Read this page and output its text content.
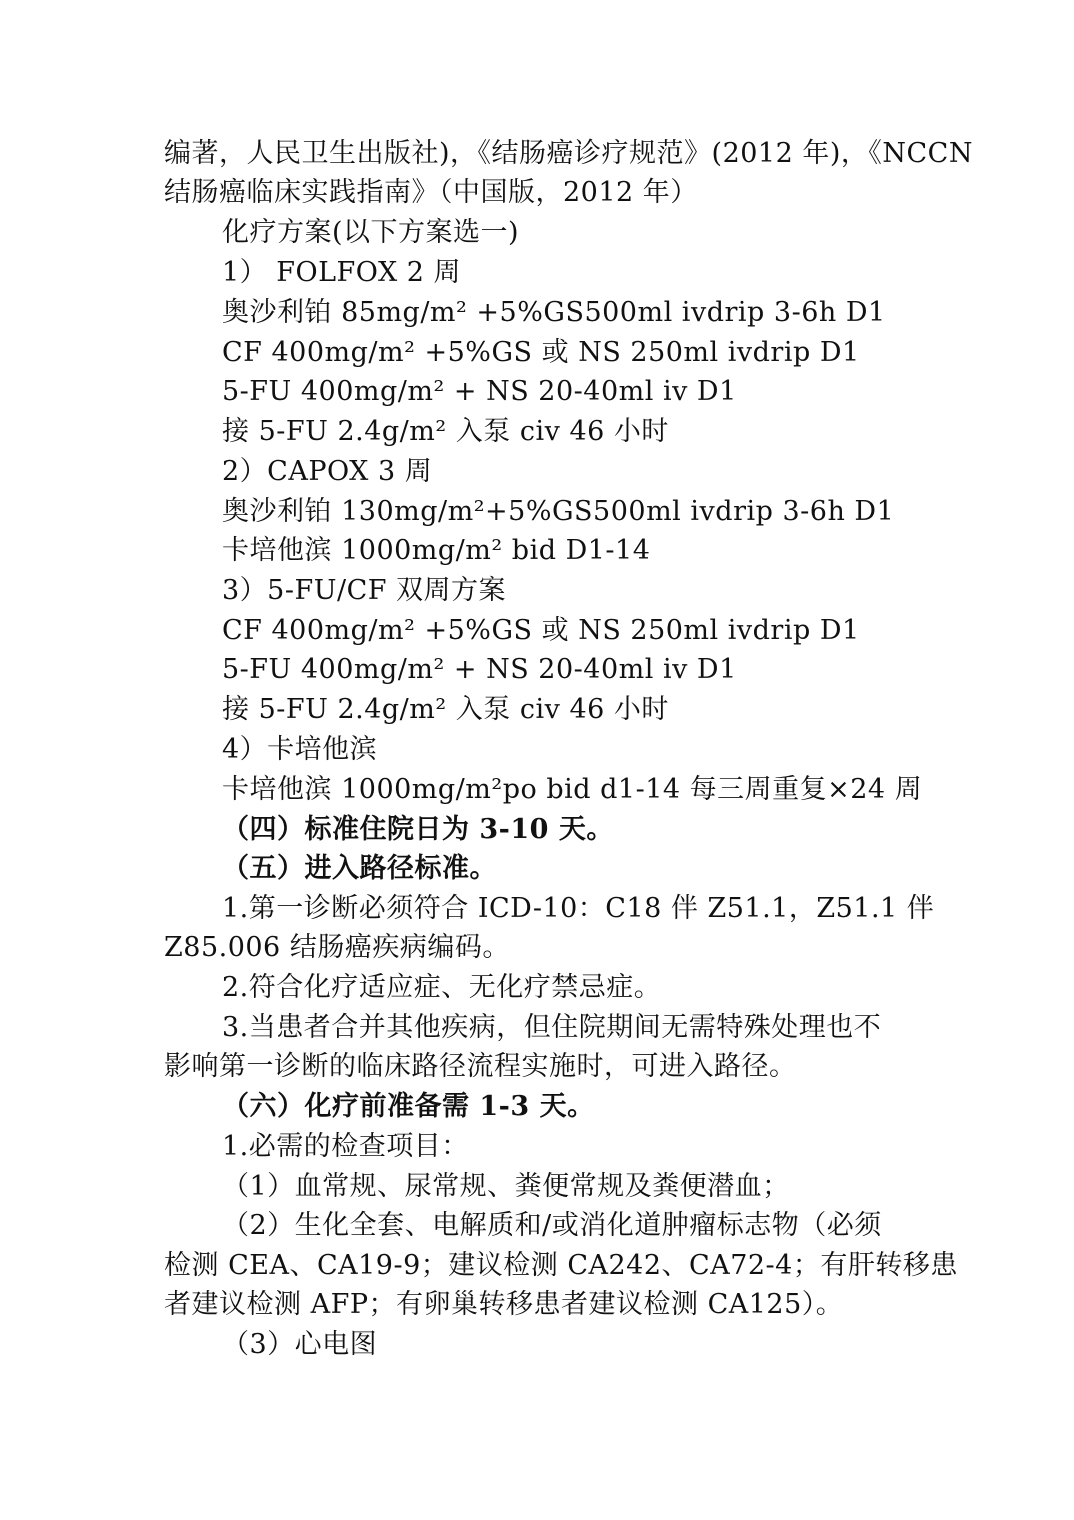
编著，人民卫生出版社)，《结肠癌诊疗规范》(2012 年)，《NCCN
结肠癌临床实践指南》（中国版，2012 年）
化疗方案(以下方案选一)
1） FOLFOX 2 周
奥沙利铂 85mg/m² +5%GS500ml ivdrip 3-6h D1
CF 400mg/m² +5%GS 或 NS 250ml ivdrip D1
5-FU 400mg/m² + NS 20-40ml iv D1
接 5-FU 2.4g/m² 入泵 civ 46 小时
2）CAPOX 3 周
奥沙利铂 130mg/m²+5%GS500ml ivdrip 3-6h D1
卡培他滨 1000mg/m² bid D1-14
3）5-FU/CF 双周方案
CF 400mg/m² +5%GS 或 NS 250ml ivdrip D1
5-FU 400mg/m² + NS 20-40ml iv D1
接 5-FU 2.4g/m² 入泵 civ 46 小时
4）卡培他滨
卡培他滨 1000mg/m²po bid d1-14 每三周重复×24 周
（四）标准住院日为 3-10 天。
（五）进入路径标准。
1.第一诊断必须符合 ICD-10：C18 伴 Z51.1，Z51.1 伴
Z85.006 结肠癌疾病编码。
2.符合化疗适应症、无化疗禁忌症。
3.当患者合并其他疾病，但住院期间无需特殊处理也不
影响第一诊断的临床路径流程实施时，可进入路径。
（六）化疗前准备需 1-3 天。
1.必需的检查项目：
（1）血常规、尿常规、粪便常规及粪便潜血；
（2）生化全套、电解质和/或消化道肿瘤标志物（必须
检测 CEA、CA19-9；建议检测 CA242、CA72-4；有肝转移患
者建议检测 AFP；有卵巢转移患者建议检测 CA125）。
（3）心电图
